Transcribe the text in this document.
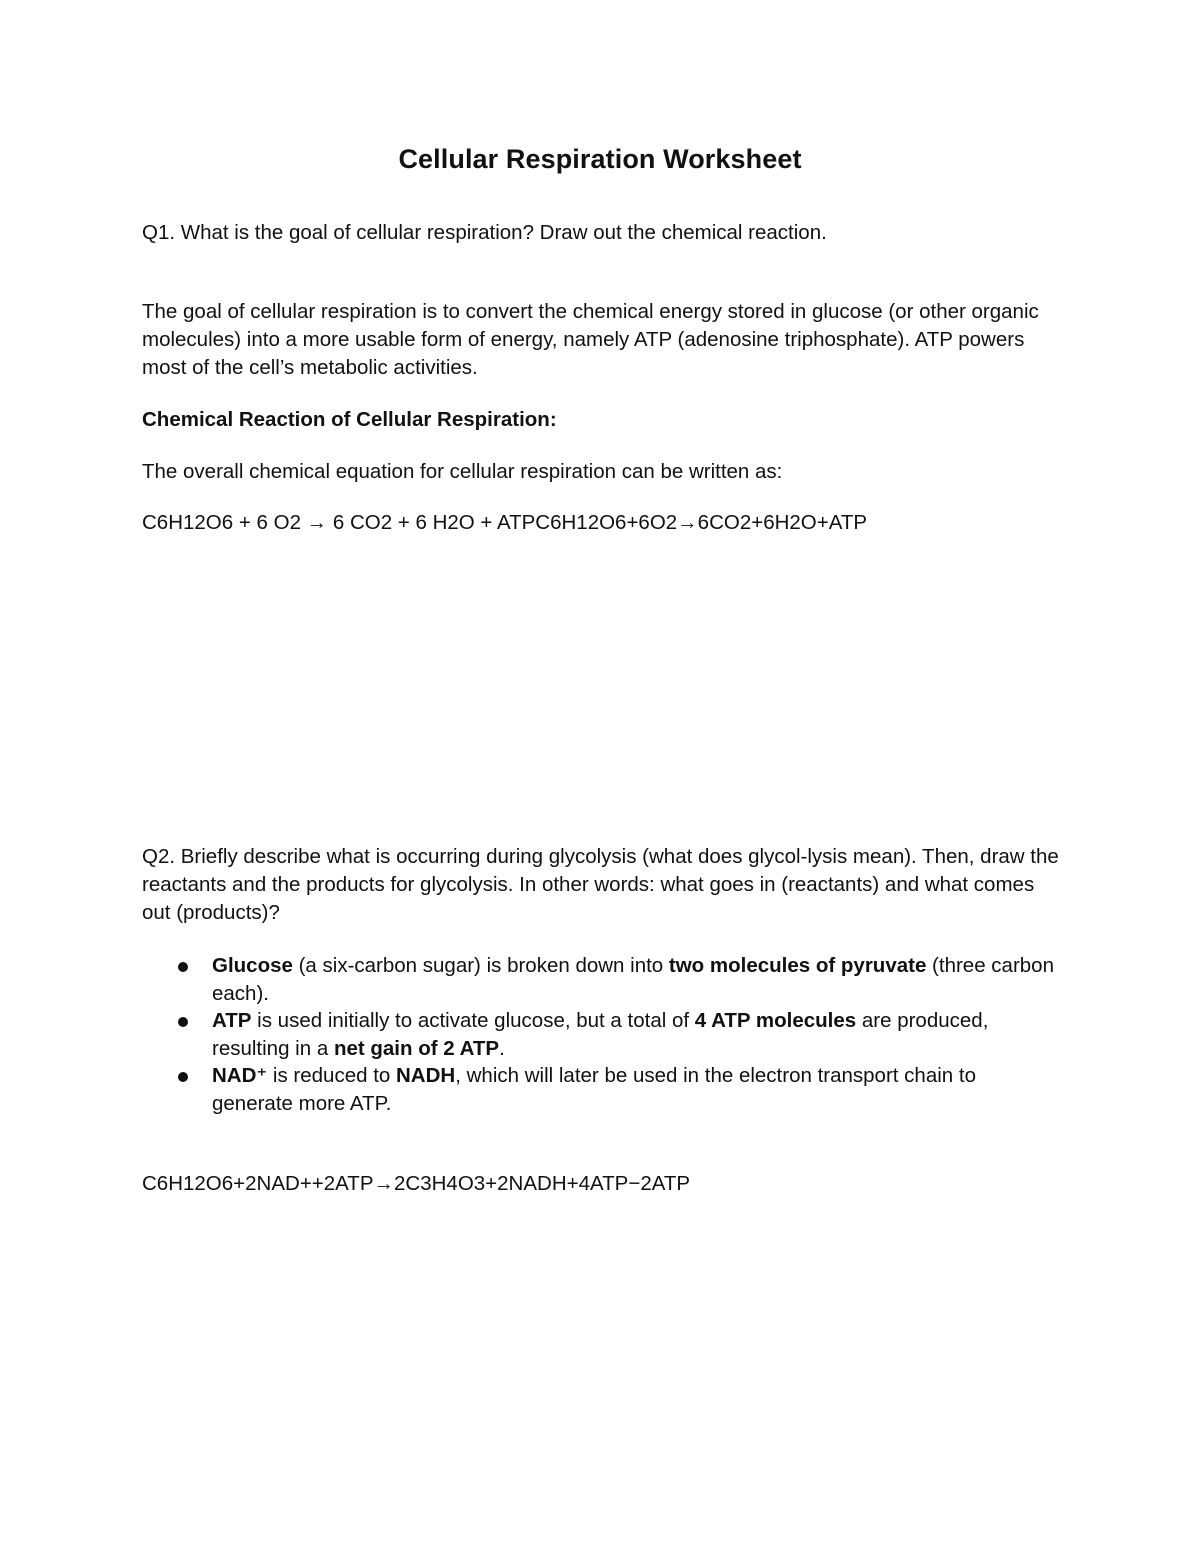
Cellular Respiration Worksheet
Q1. What is the goal of cellular respiration? Draw out the chemical reaction.
The goal of cellular respiration is to convert the chemical energy stored in glucose (or other organic molecules) into a more usable form of energy, namely ATP (adenosine triphosphate). ATP powers most of the cell’s metabolic activities.
Chemical Reaction of Cellular Respiration:
The overall chemical equation for cellular respiration can be written as:
C6H12O6 + 6 O2 → 6 CO2 + 6 H2O + ATPC6H12O6+6O2→6CO2+6H2O+ATP
Q2. Briefly describe what is occurring during glycolysis (what does glycol-lysis mean). Then, draw the reactants and the products for glycolysis. In other words: what goes in (reactants) and what comes out (products)?
Glucose (a six-carbon sugar) is broken down into two molecules of pyruvate (three carbon each).
ATP is used initially to activate glucose, but a total of 4 ATP molecules are produced, resulting in a net gain of 2 ATP.
NAD⁺ is reduced to NADH, which will later be used in the electron transport chain to generate more ATP.
C6H12O6+2NAD++2ATP→2C3H4O3+2NADH+4ATP−2ATP
